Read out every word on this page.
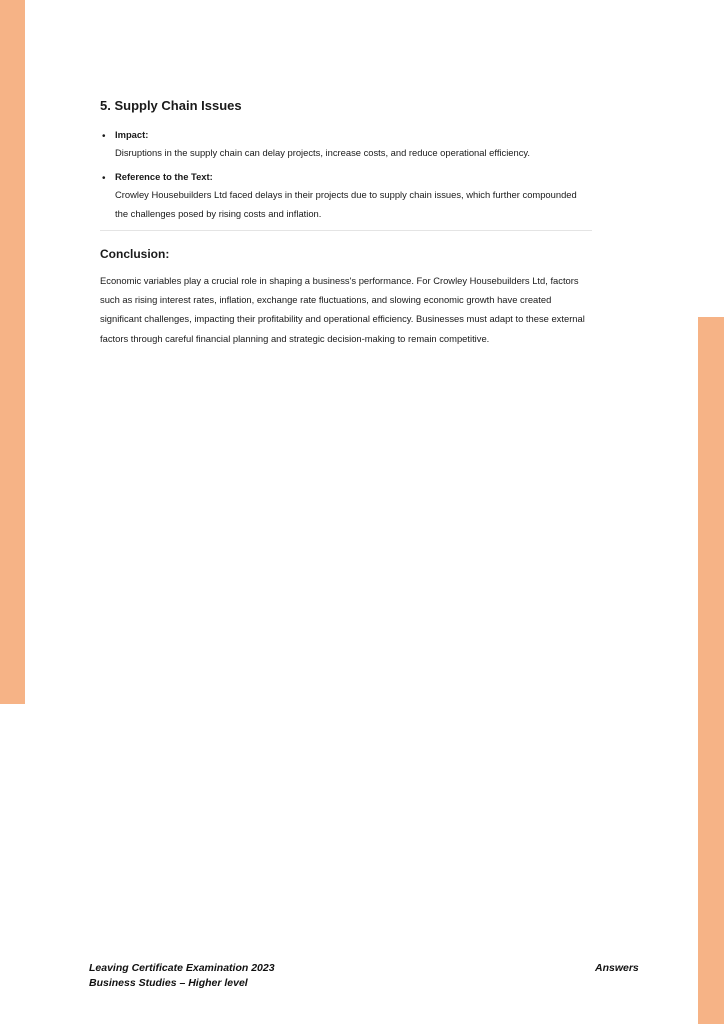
5. Supply Chain Issues
• Impact:
Disruptions in the supply chain can delay projects, increase costs, and reduce operational efficiency.
• Reference to the Text:
Crowley Housebuilders Ltd faced delays in their projects due to supply chain issues, which further compounded the challenges posed by rising costs and inflation.
Conclusion:

Economic variables play a crucial role in shaping a business's performance. For Crowley Housebuilders Ltd, factors such as rising interest rates, inflation, exchange rate fluctuations, and slowing economic growth have created significant challenges, impacting their profitability and operational efficiency. Businesses must adapt to these external factors through careful financial planning and strategic decision-making to remain competitive.

Leaving Certificate Examination 2023
Business Studies – Higher level
Answers
